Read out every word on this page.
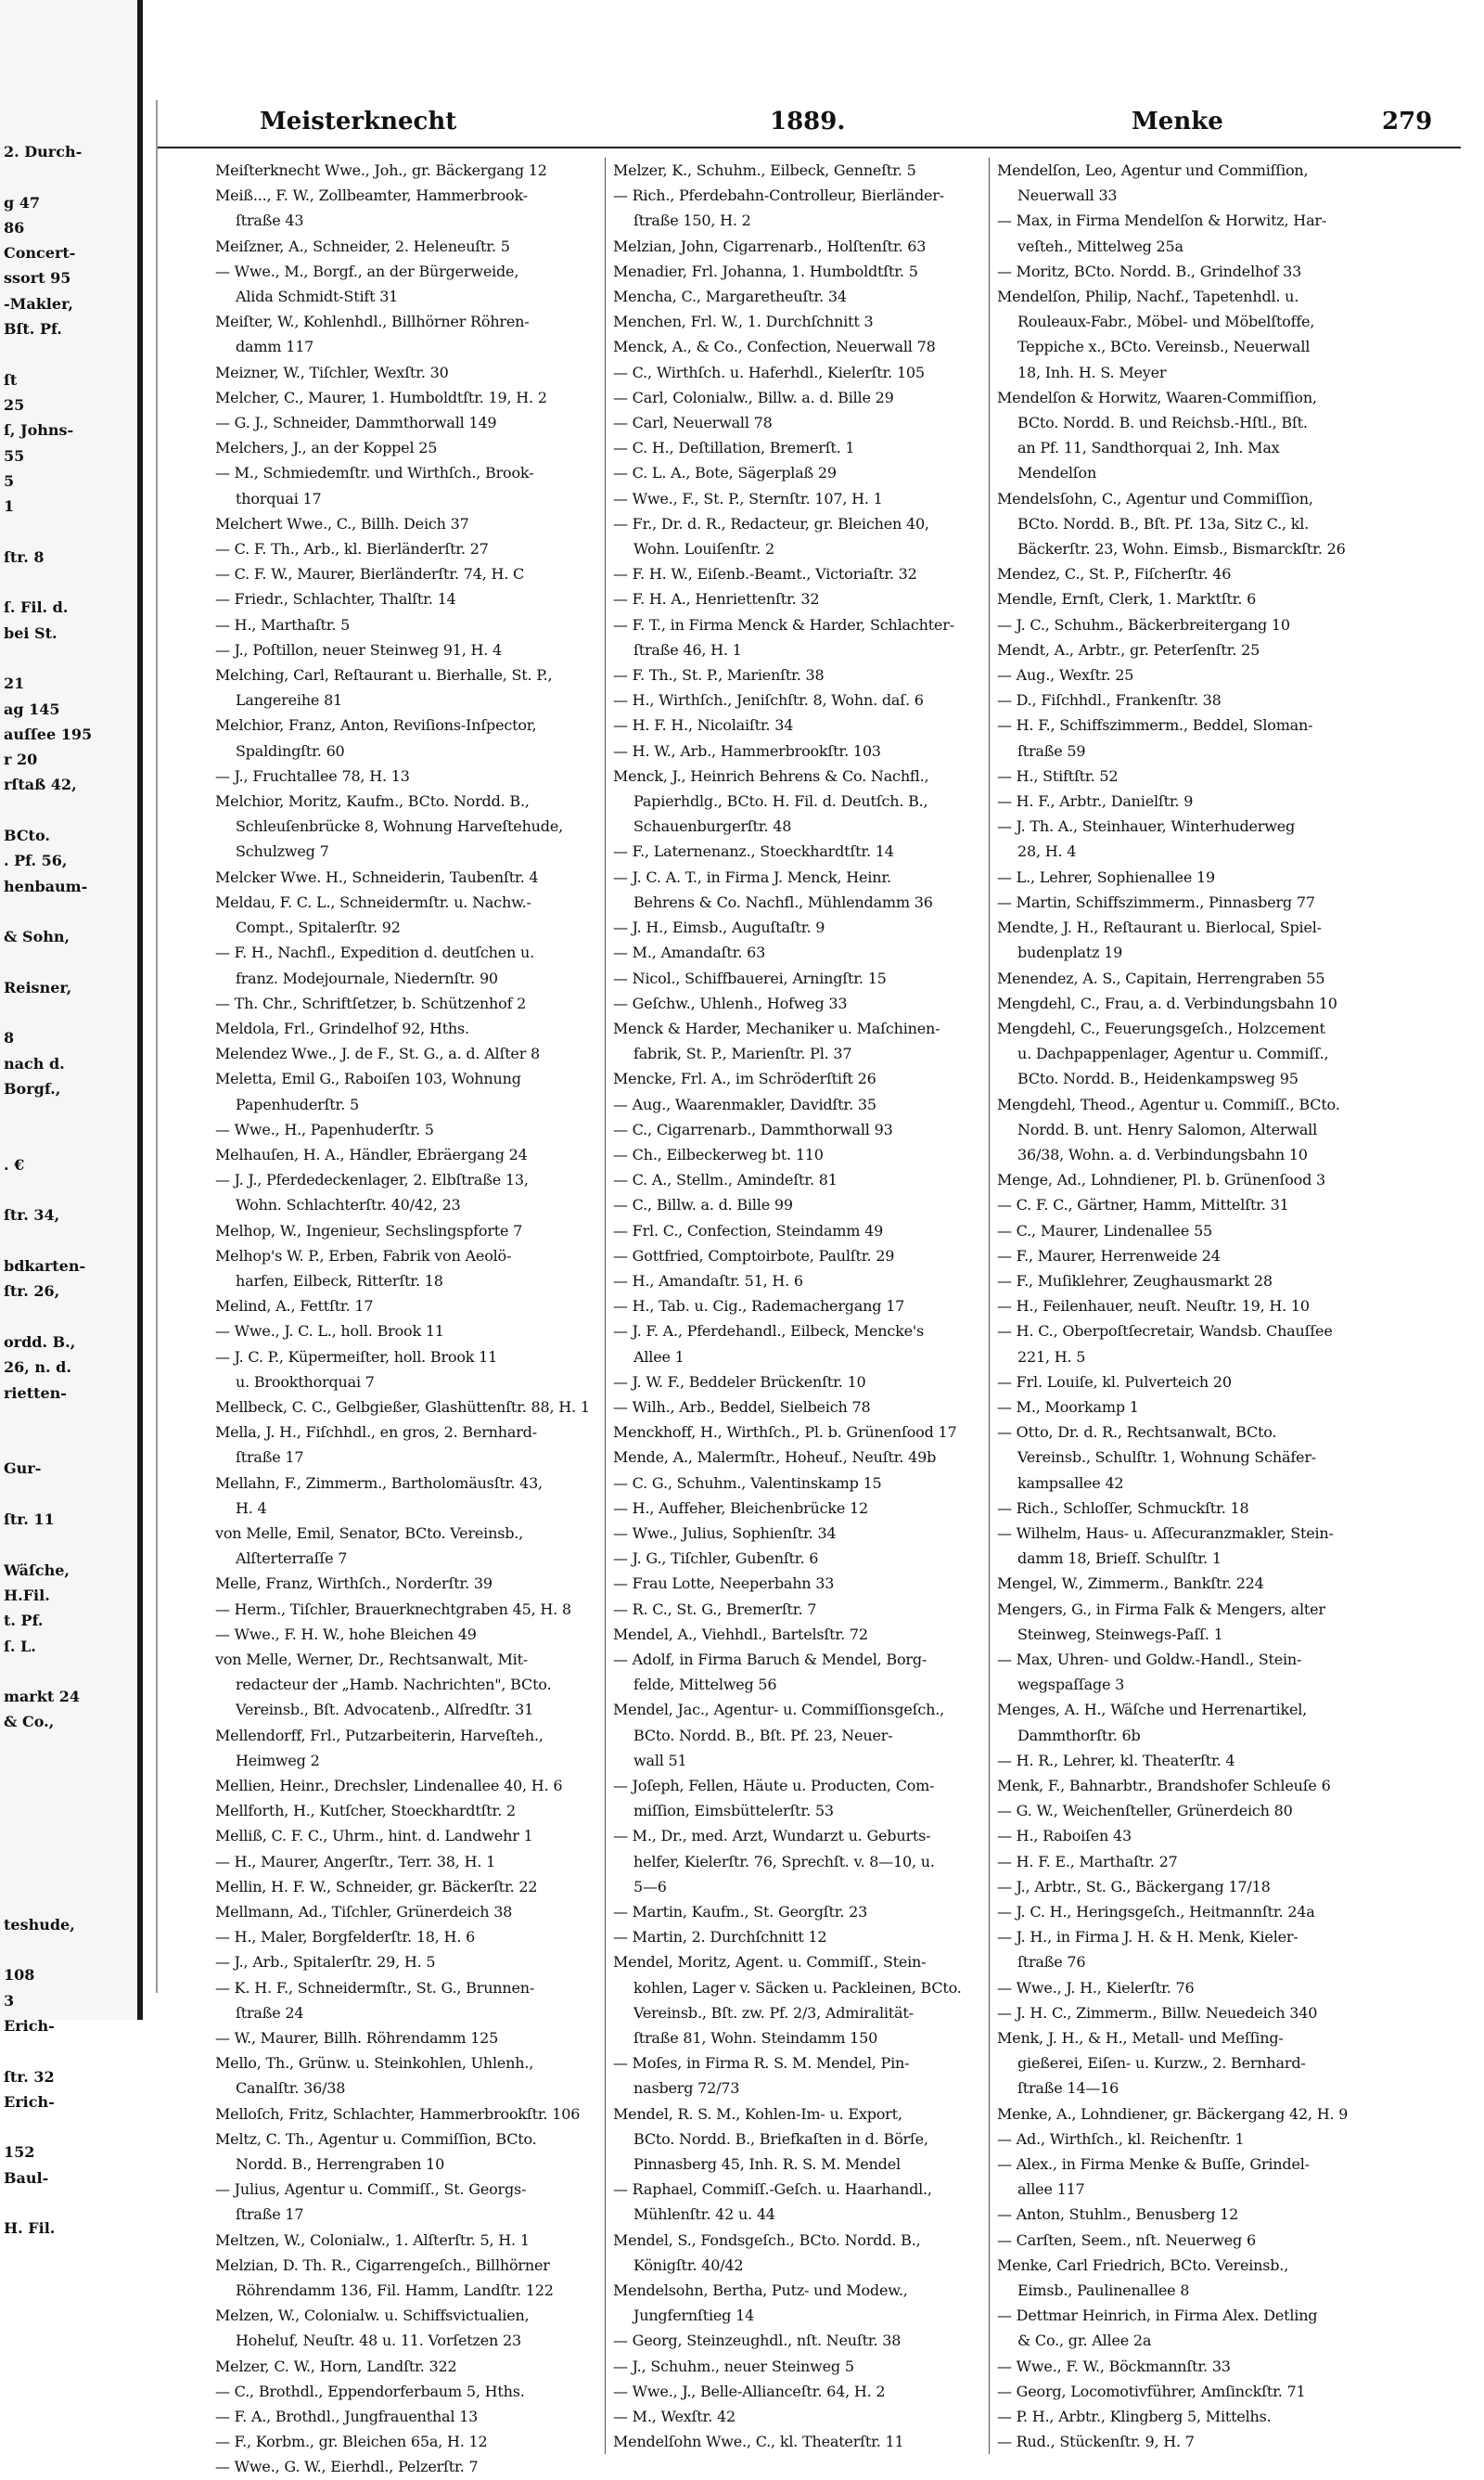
2. Durch-

g 47
86
Concert-
ssort 95
-Makler,
Bſt. Pf.

ſt
25
ſ, Johns-
55
5
1

ſtr. 8

ſ. Fil. d.
bei St.

21
ag 145
auſſee 195
r 20
rſtaß 42,

BCto.
. Pf. 56,
henbaum-

& Sohn,

Reisner,

8
nach d.
Borgf.,

. €

ſtr. 34,

bdkarten-
ſtr. 26,

ordd. B.,
26, n. d.
rietten-

Gur-

ſtr. 11

Wäſche,
H.Fil.
t. Pf.
ſ. L.

markt 24
& Co.,

teshude,

108
3
Erich-

ſtr. 32
Erich-

152
Baul-

H. Fil.
Meisterknecht	1889.	Menke	279
Meiſterknecht Wwe., Joh., gr. Bäckergang 12
Meiß..., F. W., Zollbeamter, Hammerbrook-
ſtraße 43
Meiſzner, A., Schneider, 2. Heleneuſtr. 5
— Wwe., M., Borgf., an der Bürgerweide,
Alida Schmidt-Stift 31
Meiſter, W., Kohlenhdl., Billhörner Röhren-
damm 117
Meizner, W., Tiſchler, Wexſtr. 30
Melcher, C., Maurer, 1. Humboldtſtr. 19, H. 2
— G. J., Schneider, Dammthorwall 149
Melchers, J., an der Koppel 25
— M., Schmiedemſtr. und Wirthſch., Brook-
thorquai 17
Melchert Wwe., C., Billh. Deich 37
— C. F. Th., Arb., kl. Bierländerſtr. 27
— C. F. W., Maurer, Bierländerſtr. 74, H. C
— Friedr., Schlachter, Thalſtr. 14
— H., Marthaſtr. 5
— J., Poſtillon, neuer Steinweg 91, H. 4
Melching, Carl, Reſtaurant u. Bierhalle, St. P.,
Langereihe 81
Melchior, Franz, Anton, Reviſions-Inſpector,
Spaldingſtr. 60
— J., Fruchtallee 78, H. 13
Melchior, Moritz, Kaufm., BCto. Nordd. B.,
Schleuſenbrücke 8, Wohnung Harveſtehude,
Schulzweg 7
Melcker Wwe. H., Schneiderin, Taubenſtr. 4
Meldau, F. C. L., Schneidermſtr. u. Nachw.-
Compt., Spitalerſtr. 92
— F. H., Nachfl., Expedition d. deutſchen u.
franz. Modejournale, Niedernſtr. 90
— Th. Chr., Schriftſetzer, b. Schützenhof 2
Meldola, Frl., Grindelhof 92, Hths.
Melendez Wwe., J. de F., St. G., a. d. Alſter 8
Meletta, Emil G., Raboiſen 103, Wohnung
Papenhuderſtr. 5
— Wwe., H., Papenhuderſtr. 5
Melhauſen, H. A., Händler, Ebräergang 24
— J. J., Pferdedeckenlager, 2. Elbſtraße 13,
Wohn. Schlachterſtr. 40/42, 23
Melhop, W., Ingenieur, Sechslingspforte 7
Melhop's W. P., Erben, Fabrik von Aeolö-
harfen, Eilbeck, Ritterſtr. 18
Melind, A., Fettſtr. 17
— Wwe., J. C. L., holl. Brook 11
— J. C. P., Küpermeiſter, holl. Brook 11
u. Brookthorquai 7
Mellbeck, C. C., Gelbgießer, Glashüttenſtr. 88, H. 1
Mella, J. H., Fiſchhdl., en gros, 2. Bernhard-
ſtraße 17
Mellahn, F., Zimmerm., Bartholomäusſtr. 43,
H. 4
von Melle, Emil, Senator, BCto. Vereinsb.,
Alſterterraſſe 7
Melle, Franz, Wirthſch., Norderſtr. 39
— Herm., Tiſchler, Brauerknechtgraben 45, H. 8
— Wwe., F. H. W., hohe Bleichen 49
von Melle, Werner, Dr., Rechtsanwalt, Mit-
redacteur der „Hamb. Nachrichten", BCto.
Vereinsb., Bſt. Advocatenb., Alſredſtr. 31
Mellendorff, Frl., Putzarbeiterin, Harveſteh.,
Heimweg 2
Mellien, Heinr., Drechsler, Lindenallee 40, H. 6
Mellforth, H., Kutſcher, Stoeckhardtſtr. 2
Melliß, C. F. C., Uhrm., hint. d. Landwehr 1
— H., Maurer, Angerſtr., Terr. 38, H. 1
Mellin, H. F. W., Schneider, gr. Bäckerſtr. 22
Mellmann, Ad., Tiſchler, Grünerdeich 38
— H., Maler, Borgfelderſtr. 18, H. 6
— J., Arb., Spitalerſtr. 29, H. 5
— K. H. F., Schneidermſtr., St. G., Brunnen-
ſtraße 24
— W., Maurer, Billh. Röhrendamm 125
Mello, Th., Grünw. u. Steinkohlen, Uhlenh.,
Canalſtr. 36/38
Melloſch, Fritz, Schlachter, Hammerbrookſtr. 106
Meltz, C. Th., Agentur u. Commiſſion, BCto.
Nordd. B., Herrengraben 10
— Julius, Agentur u. Commiſſ., St. Georgs-
ſtraße 17
Meltzen, W., Colonialw., 1. Alſterſtr. 5, H. 1
Melzian, D. Th. R., Cigarrengeſch., Billhörner
Röhrendamm 136, Fil. Hamm, Landſtr. 122
Melzen, W., Colonialw. u. Schiffsvictualien,
Hoheluf, Neuſtr. 48 u. 11. Vorſetzen 23
Melzer, C. W., Horn, Landſtr. 322
— C., Brothdl., Eppendorferbaum 5, Hths.
— F. A., Brothdl., Jungfrauenthal 13
— F., Korbm., gr. Bleichen 65a, H. 12
— Wwe., G. W., Eierhdl., Pelzerſtr. 7
Melzer, K., Schuhm., Eilbeck, Genneſtr. 5
— Rich., Pferdebahn-Controlleur, Bierländer-
ſtraße 150, H. 2
Melzian, John, Cigarrenarb., Holſtenſtr. 63
Menadier, Frl. Johanna, 1. Humboldtſtr. 5
Mencha, C., Margaretheuſtr. 34
Menchen, Frl. W., 1. Durchſchnitt 3
Menck, A., & Co., Confection, Neuerwall 78
— C., Wirthſch. u. Haferhdl., Kielerſtr. 105
— Carl, Colonialw., Billw. a. d. Bille 29
— Carl, Neuerwall 78
— C. H., Deſtillation, Bremerſt. 1
— C. L. A., Bote, Sägerplaß 29
— Wwe., F., St. P., Sternſtr. 107, H. 1
— Fr., Dr. d. R., Redacteur, gr. Bleichen 40,
Wohn. Louiſenſtr. 2
— F. H. W., Eiſenb.-Beamt., Victoriaſtr. 32
— F. H. A., Henriettenſtr. 32
— F. T., in Firma Menck & Harder, Schlachter-
ſtraße 46, H. 1
— F. Th., St. P., Marienſtr. 38
— H., Wirthſch., Jeniſchſtr. 8, Wohn. daſ. 6
— H. F. H., Nicolaiſtr. 34
— H. W., Arb., Hammerbrookſtr. 103
Menck, J., Heinrich Behrens & Co. Nachfl.,
Papierhdlg., BCto. H. Fil. d. Deutſch. B.,
Schauenburgerſtr. 48
— F., Laternenanz., Stoeckhardtſtr. 14
— J. C. A. T., in Firma J. Menck, Heinr.
Behrens & Co. Nachfl., Mühlendamm 36
— J. H., Eimsb., Auguſtaſtr. 9
— M., Amandaſtr. 63
— Nicol., Schiffbauerei, Arningſtr. 15
— Geſchw., Uhlenh., Hofweg 33
Menck & Harder, Mechaniker u. Maſchinen-
fabrik, St. P., Marienſtr. Pl. 37
Mencke, Frl. A., im Schröderſtift 26
— Aug., Waarenmakler, Davidſtr. 35
— C., Cigarrenarb., Dammthorwall 93
— Ch., Eilbeckerweg bt. 110
— C. A., Stellm., Amindeſtr. 81
— C., Billw. a. d. Bille 99
— Frl. C., Confection, Steindamm 49
— Gottfried, Comptoirbote, Paulſtr. 29
— H., Amandaſtr. 51, H. 6
— H., Tab. u. Cig., Rademachergang 17
— J. F. A., Pferdehandl., Eilbeck, Mencke's
Allee 1
— J. W. F., Beddeler Brückenſtr. 10
— Wilh., Arb., Beddel, Sielbeich 78
Menckhoff, H., Wirthſch., Pl. b. Grünenſood 17
Mende, A., Malermſtr., Hoheuf., Neuſtr. 49b
— C. G., Schuhm., Valentinskamp 15
— H., Auffeher, Bleichenbrücke 12
— Wwe., Julius, Sophienſtr. 34
— J. G., Tiſchler, Gubenſtr. 6
— Frau Lotte, Neeperbahn 33
— R. C., St. G., Bremerſtr. 7
Mendel, A., Viehhdl., Bartelsſtr. 72
— Adolf, in Firma Baruch & Mendel, Borg-
felde, Mittelweg 56
Mendel, Jac., Agentur- u. Commiſſionsgeſch.,
BCto. Nordd. B., Bſt. Pf. 23, Neuer-
wall 51
— Joſeph, Fellen, Häute u. Producten, Com-
miſſion, Eimsbüttelerſtr. 53
— M., Dr., med. Arzt, Wundarzt u. Geburts-
helfer, Kielerſtr. 76, Sprechſt. v. 8—10, u.
5—6
— Martin, Kaufm., St. Georgſtr. 23
— Martin, 2. Durchſchnitt 12
Mendel, Moritz, Agent. u. Commiſſ., Stein-
kohlen, Lager v. Säcken u. Packleinen, BCto.
Vereinsb., Bſt. zw. Pf. 2/3, Admiralität-
ſtraße 81, Wohn. Steindamm 150
— Moſes, in Firma R. S. M. Mendel, Pin-
nasberg 72/73
Mendel, R. S. M., Kohlen-Im- u. Export,
BCto. Nordd. B., Briefkaſten in d. Börſe,
Pinnasberg 45, Inh. R. S. M. Mendel
— Raphael, Commiſſ.-Geſch. u. Haarhandl.,
Mühlenſtr. 42 u. 44
Mendel, S., Fondsgeſch., BCto. Nordd. B.,
Königſtr. 40/42
Mendelsohn, Bertha, Putz- und Modew.,
Jungfernſtieg 14
— Georg, Steinzeughdl., nſt. Neuſtr. 38
— J., Schuhm., neuer Steinweg 5
— Wwe., J., Belle-Allianceſtr. 64, H. 2
— M., Wexſtr. 42
Mendelſohn Wwe., C., kl. Theaterſtr. 11
Mendelſon, Leo, Agentur und Commiſſion,
Neuerwall 33
— Max, in Firma Mendelſon & Horwitz, Har-
veſteh., Mittelweg 25a
— Moritz, BCto. Nordd. B., Grindelhof 33
Mendelſon, Philip, Nachf., Tapetenhdl. u.
Rouleaux-Fabr., Möbel- und Möbelſtoffe,
Teppiche x., BCto. Vereinsb., Neuerwall
18, Inh. H. S. Meyer
Mendelſon & Horwitz, Waaren-Commiſſion,
BCto. Nordd. B. und Reichsb.-Hſtl., Bſt.
an Pf. 11, Sandthorquai 2, Inh. Max
Mendelſon
Mendelsſohn, C., Agentur und Commiſſion,
BCto. Nordd. B., Bſt. Pf. 13a, Sitz C., kl.
Bäckerſtr. 23, Wohn. Eimsb., Bismarckſtr. 26
Mendez, C., St. P., Fiſcherſtr. 46
Mendle, Ernſt, Clerk, 1. Marktſtr. 6
— J. C., Schuhm., Bäckerbreitergang 10
Mendt, A., Arbtr., gr. Peterſenſtr. 25
— Aug., Wexſtr. 25
— D., Fiſchhdl., Frankenſtr. 38
— H. F., Schiffszimmerm., Beddel, Sloman-
ſtraße 59
— H., Stiftſtr. 52
— H. F., Arbtr., Danielſtr. 9
— J. Th. A., Steinhauer, Winterhuderweg
28, H. 4
— L., Lehrer, Sophienallee 19
— Martin, Schiffszimmerm., Pinnasberg 77
Mendte, J. H., Reſtaurant u. Bierlocal, Spiel-
budenplatz 19
Menendez, A. S., Capitain, Herrengraben 55
Mengdehl, C., Frau, a. d. Verbindungsbahn 10
Mengdehl, C., Feuerungsgeſch., Holzcement
u. Dachpappenlager, Agentur u. Commiſſ.,
BCto. Nordd. B., Heidenkampsweg 95
Mengdehl, Theod., Agentur u. Commiſſ., BCto.
Nordd. B. unt. Henry Salomon, Alterwall
36/38, Wohn. a. d. Verbindungsbahn 10
Menge, Ad., Lohndiener, Pl. b. Grünenſood 3
— C. F. C., Gärtner, Hamm, Mittelſtr. 31
— C., Maurer, Lindenallee 55
— F., Maurer, Herrenweide 24
— F., Muſiklehrer, Zeughausmarkt 28
— H., Feilenhauer, neuſt. Neuſtr. 19, H. 10
— H. C., Oberpoſtſecretair, Wandsb. Chauſſee
221, H. 5
— Frl. Louiſe, kl. Pulverteich 20
— M., Moorkamp 1
— Otto, Dr. d. R., Rechtsanwalt, BCto.
Vereinsb., Schulſtr. 1, Wohnung Schäfer-
kampsallee 42
— Rich., Schloſſer, Schmuckſtr. 18
— Wilhelm, Haus- u. Aſſecuranzmakler, Stein-
damm 18, Brieſf. Schulſtr. 1
Mengel, W., Zimmerm., Bankſtr. 224
Mengers, G., in Firma Falk & Mengers, alter
Steinweg, Steinwegs-Paſſ. 1
— Max, Uhren- und Goldw.-Handl., Stein-
wegspaſſage 3
Menges, A. H., Wäſche und Herrenartikel,
Dammthorſtr. 6b
— H. R., Lehrer, kl. Theaterſtr. 4
Menk, F., Bahnarbtr., Brandshofer Schleuſe 6
— G. W., Weichenſteller, Grünerdeich 80
— H., Raboiſen 43
— H. F. E., Marthaſtr. 27
— J., Arbtr., St. G., Bäckergang 17/18
— J. C. H., Heringsgeſch., Heitmannſtr. 24a
— J. H., in Firma J. H. & H. Menk, Kieler-
ſtraße 76
— Wwe., J. H., Kielerſtr. 76
— J. H. C., Zimmerm., Billw. Neuedeich 340
Menk, J. H., & H., Metall- und Meſſing-
gießerei, Eiſen- u. Kurzw., 2. Bernhard-
ſtraße 14—16
Menke, A., Lohndiener, gr. Bäckergang 42, H. 9
— Ad., Wirthſch., kl. Reichenſtr. 1
— Alex., in Firma Menke & Buſſe, Grindel-
allee 117
— Anton, Stuhlm., Benusberg 12
— Carſten, Seem., nſt. Neuerweg 6
Menke, Carl Friedrich, BCto. Vereinsb.,
Eimsb., Paulinenallee 8
— Dettmar Heinrich, in Firma Alex. Detling
& Co., gr. Allee 2a
— Wwe., F. W., Böckmannſtr. 33
— Georg, Locomotivführer, Amſinckſtr. 71
— P. H., Arbtr., Klingberg 5, Mittelhs.
— Rud., Stückenſtr. 9, H. 7
